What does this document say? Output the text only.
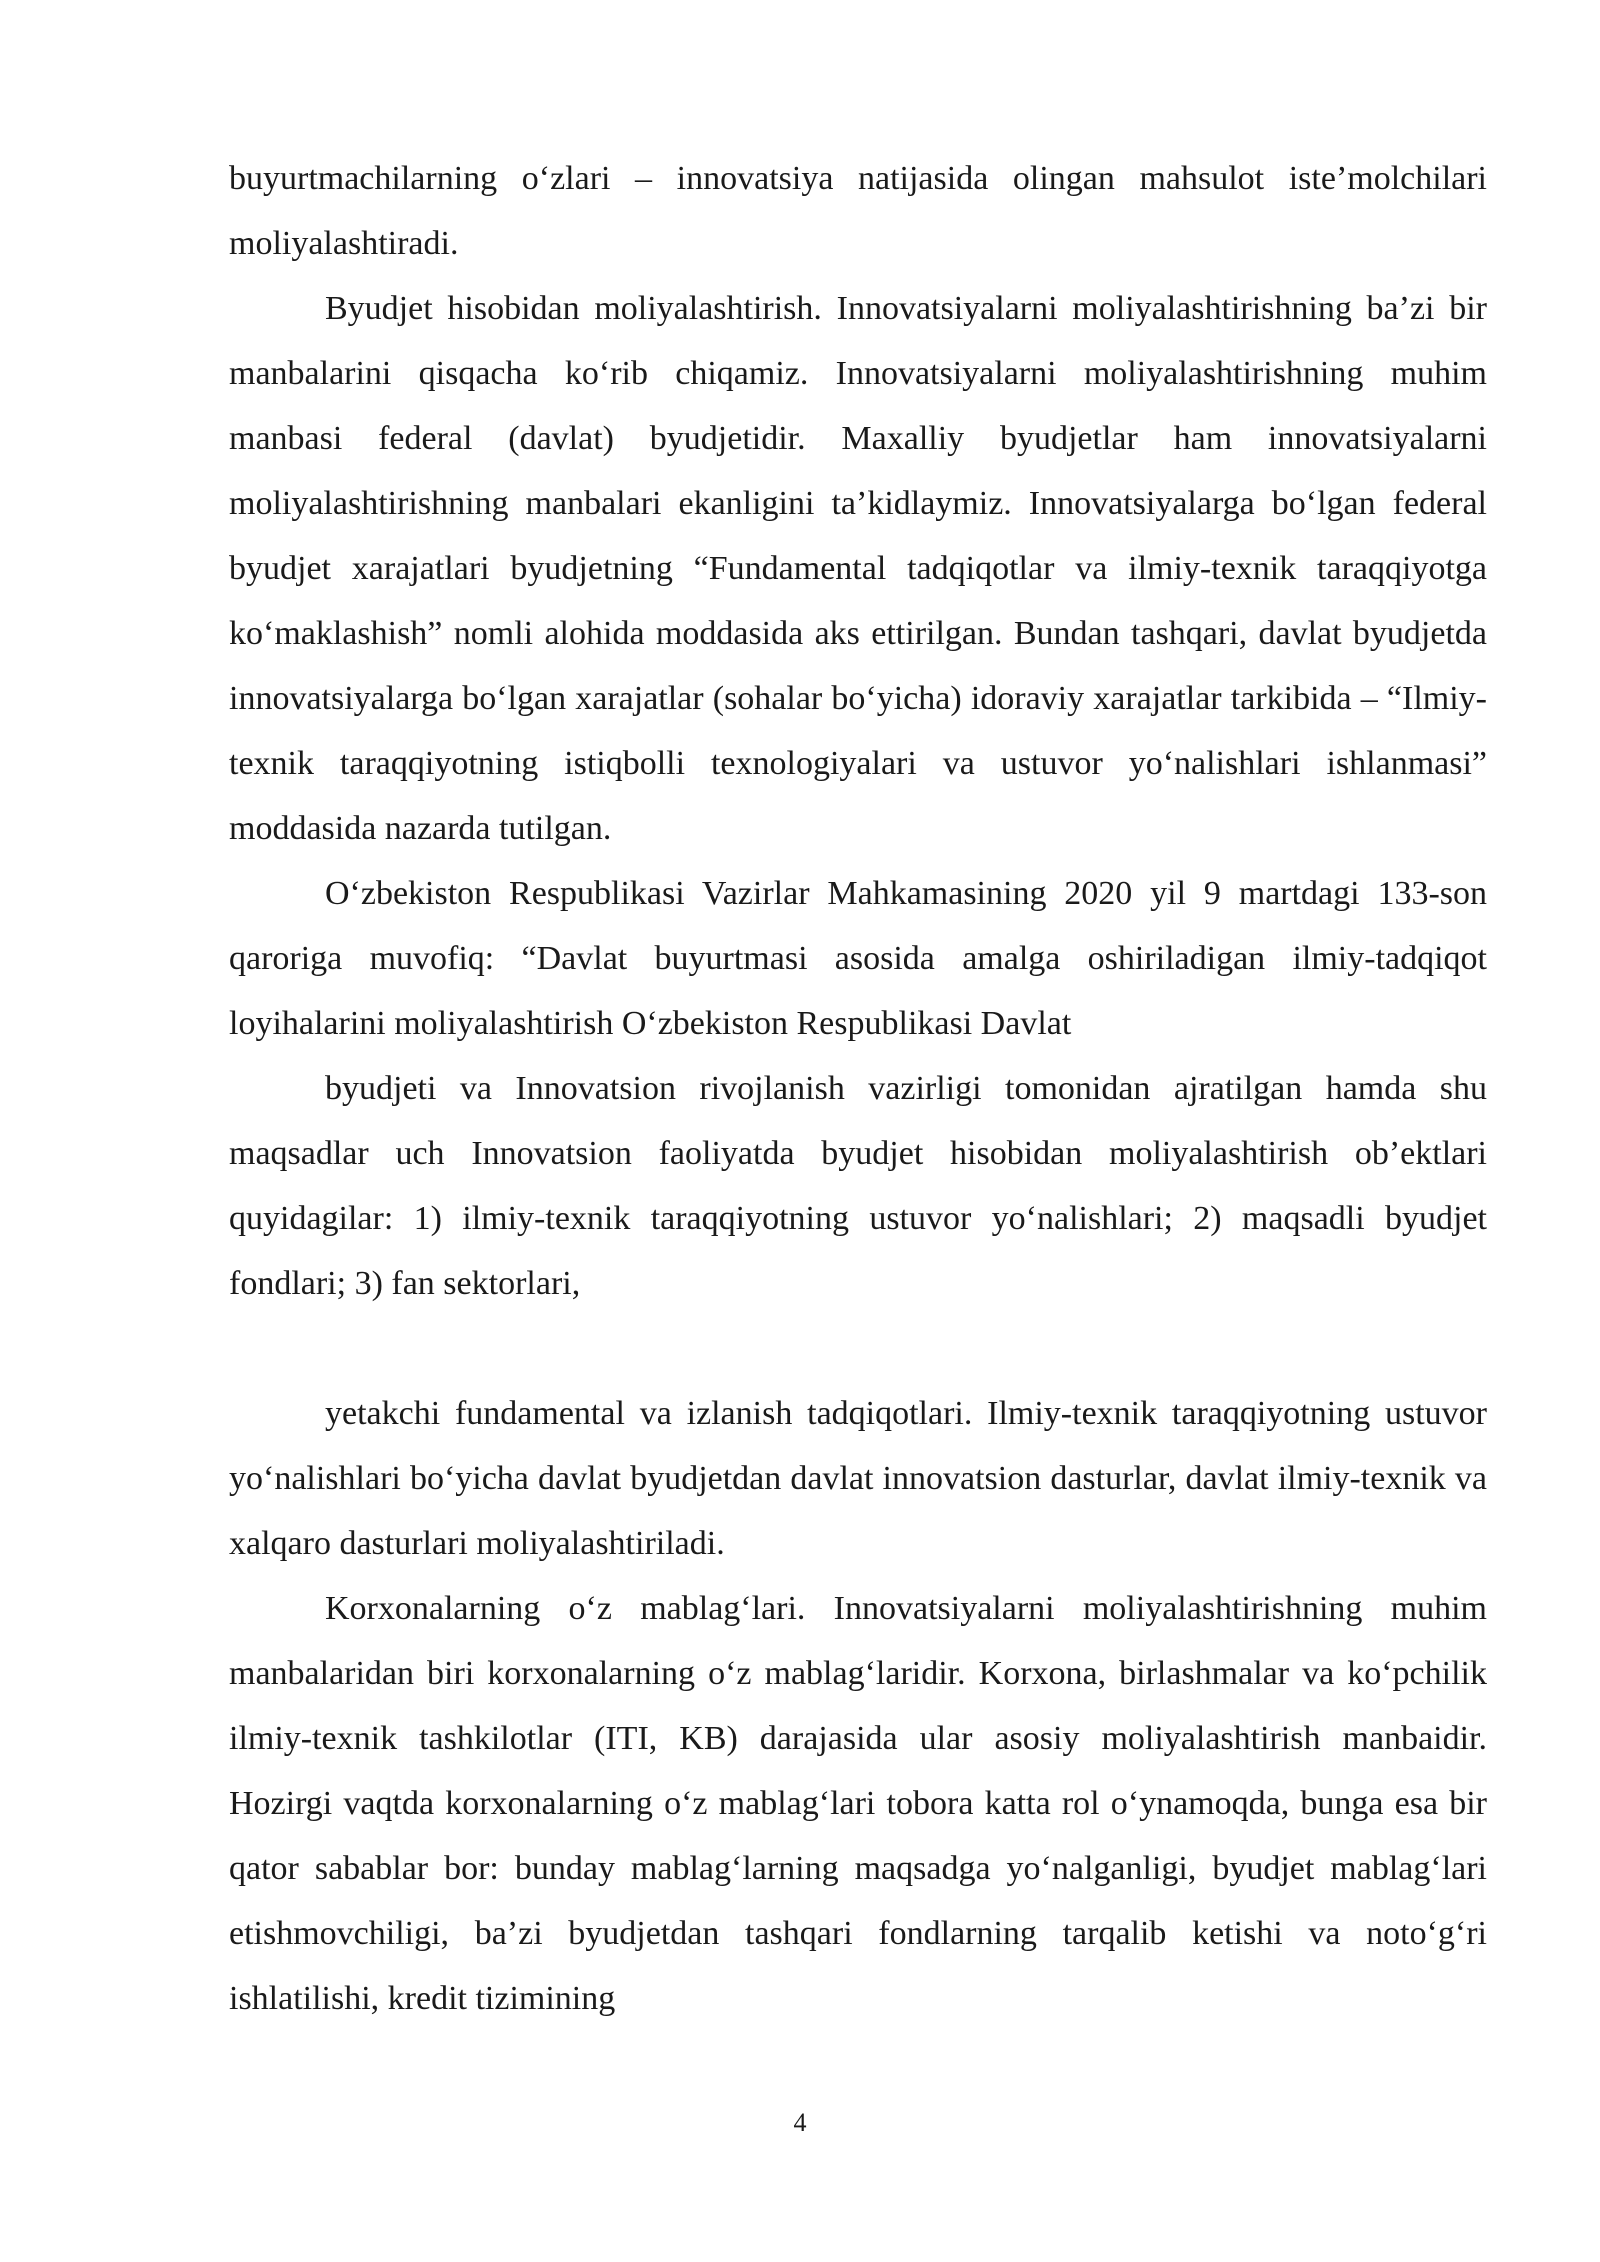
buyurtmachilarning o‘zlari – innovatsiya natijasida olingan mahsulot iste’molchilari moliyalashtiradi.

Byudjet hisobidan moliyalashtirish. Innovatsiyalarni moliyalashtirishning ba’zi bir manbalarini qisqacha ko‘rib chiqamiz. Innovatsiyalarni moliyalashtirishning muhim manbasi federal (davlat) byudjetidir. Maxalliy byudjetlar ham innovatsiyalarni moliyalashtirishning manbalari ekanligini ta’kidlaymiz. Innovatsiyalarga bo‘lgan federal byudjet xarajatlari byudjetning “Fundamental tadqiqotlar va ilmiy-texnik taraqqiyotga ko‘maklashish” nomli alohida moddasida aks ettirilgan. Bundan tashqari, davlat byudjetda innovatsiyalarga bo‘lgan xarajatlar (sohalar bo‘yicha) idoraviy xarajatlar tarkibida – “Ilmiy-texnik taraqqiyotning istiqbolli texnologiyalari va ustuvor yo‘nalishlari ishlanmasi” moddasida nazarda tutilgan.

O‘zbekiston Respublikasi Vazirlar Mahkamasining 2020 yil 9 martdagi 133-son qaroriga muvofiq: “Davlat buyurtmasi asosida amalga oshiriladigan ilmiy-tadqiqot loyihalarini moliyalashtirish O‘zbekiston Respublikasi Davlat

byudjeti va Innovatsion rivojlanish vazirligi tomonidan ajratilgan hamda shu maqsadlar uch Innovatsion faoliyatda byudjet hisobidan moliyalashtirish ob’ektlari quyidagilar: 1) ilmiy-texnik taraqqiyotning ustuvor yo‘nalishlari; 2) maqsadli byudjet fondlari; 3) fan sektorlari,

yetakchi fundamental va izlanish tadqiqotlari. Ilmiy-texnik taraqqiyotning ustuvor yo‘nalishlari bo‘yicha davlat byudjetdan davlat innovatsion dasturlar, davlat ilmiy-texnik va xalqaro dasturlari moliyalashtiriladi.

Korxonalarning o‘z mablag‘lari. Innovatsiyalarni moliyalashtirishning muhim manbalaridan biri korxonalarning o‘z mablag‘laridir. Korxona, birlashmalar va ko‘pchilik ilmiy-texnik tashkilotlar (ITI, KB) darajasida ular asosiy moliyalashtirish manbaidir. Hozirgi vaqtda korxonalarning o‘z mablag‘lari tobora katta rol o‘ynamoqda, bunga esa bir qator sabablar bor: bunday mablag‘larning maqsadga yo‘nalganligi, byudjet mablag‘lari etishmovchiligi, ba’zi byudjetdan tashqari fondlarning tarqalib ketishi va noto‘g‘ri ishlatilishi, kredit tizimining

4
